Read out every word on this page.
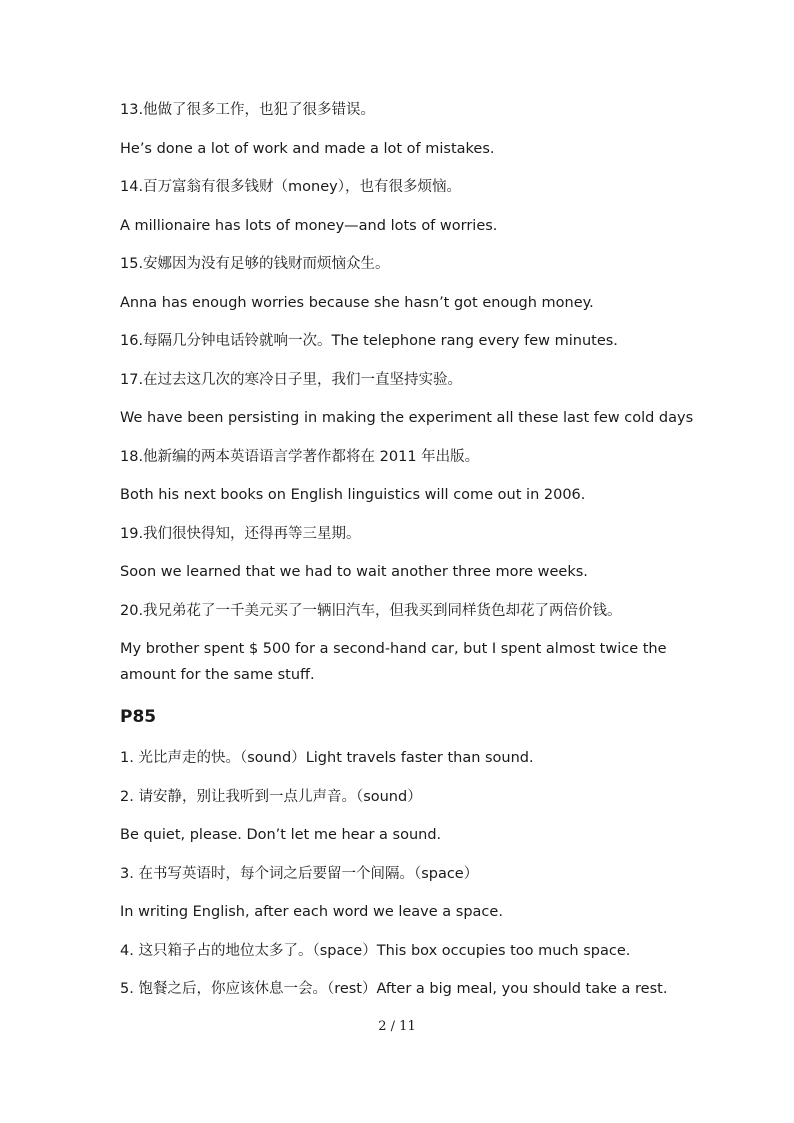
13.他做了很多工作，也犯了很多错误。
He’s done a lot of work and made a lot of mistakes.
14.百万富翁有很多钱财（money），也有很多烦恼。
A millionaire has lots of money—and lots of worries.
15.安娜因为没有足够的钱财而烦恼众生。
Anna has enough worries because she hasn’t got enough money.
16.每隔几分钟电话铃就响一次。The telephone rang every few minutes.
17.在过去这几次的寒冷日子里，我们一直坚持实验。
We have been persisting in making the experiment all these last few cold days
18.他新编的两本英语语言学著作都将在 2011 年出版。
Both his next books on English linguistics will come out in 2006.
19.我们很快得知，还得再等三星期。
Soon we learned that we had to wait another three more weeks.
20.我兄弟花了一千美元买了一辆旧汽车，但我买到同样货色却花了两倍价钱。
My brother spent $ 500 for a second-hand car, but I spent almost twice the amount for the same stuff.
P85
1. 光比声走的快。（sound）Light travels faster than sound.
2. 请安静，别让我听到一点儿声音。（sound）
Be quiet, please. Don’t let me hear a sound.
3. 在书写英语时，每个词之后要留一个间隔。（space）
In writing English, after each word we leave a space.
4. 这只箱子占的地位太多了。（space）This box occupies too much space.
5. 饱餐之后，你应该休息一会。（rest）After a big meal, you should take a rest.
2 / 11
